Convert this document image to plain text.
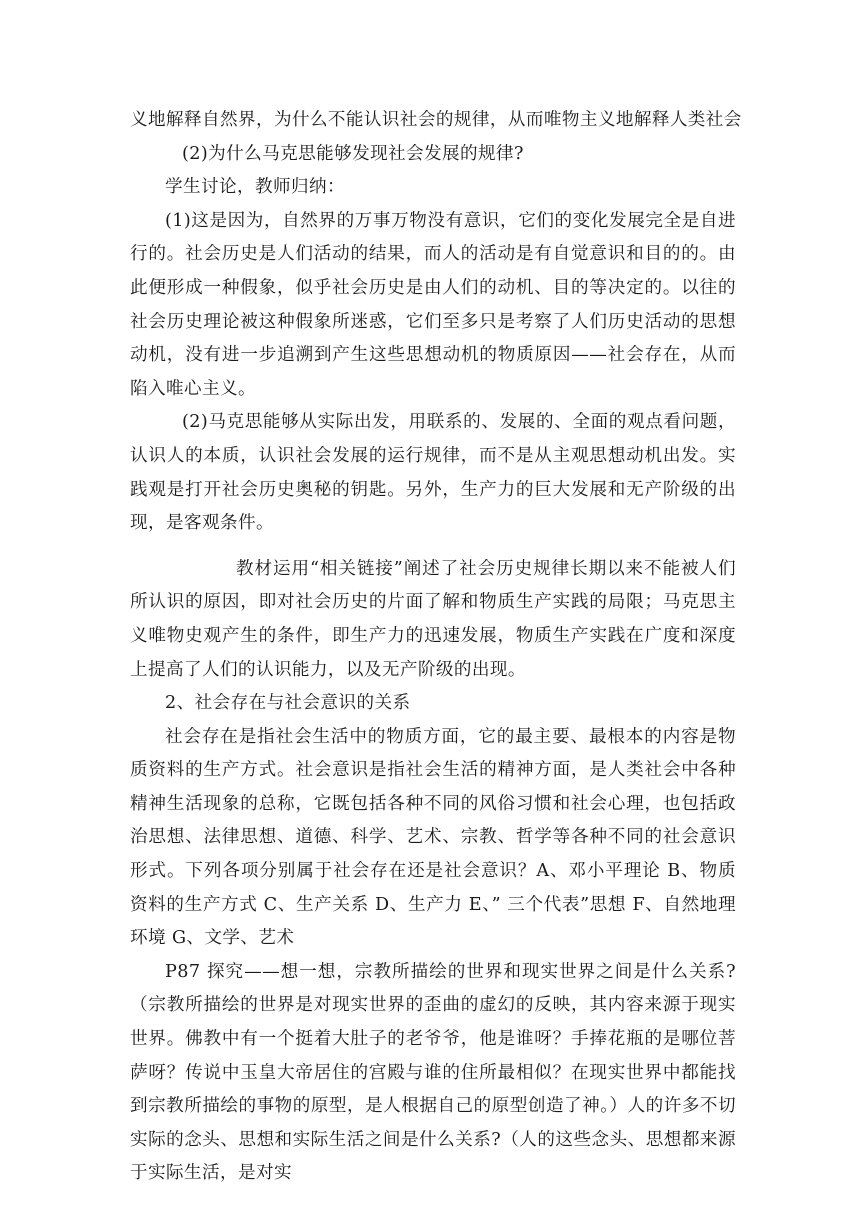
义地解释自然界，为什么不能认识社会的规律，从而唯物主义地解释人类社会

(2)为什么马克思能够发现社会发展的规律?

学生讨论，教师归纳：

(1)这是因为，自然界的万事万物没有意识，它们的变化发展完全是自进行的。社会历史是人们活动的结果，而人的活动是有自觉意识和目的的。由此便形成一种假象，似乎社会历史是由人们的动机、目的等决定的。以往的社会历史理论被这种假象所迷惑，它们至多只是考察了人们历史活动的思想动机，没有进一步追溯到产生这些思想动机的物质原因——社会存在，从而陷入唯心主义。

(2)马克思能够从实际出发，用联系的、发展的、全面的观点看问题，认识人的本质，认识社会发展的运行规律，而不是从主观思想动机出发。实践观是打开社会历史奥秘的钥匙。另外，生产力的巨大发展和无产阶级的出现，是客观条件。

教材运用“相关链接”阐述了社会历史规律长期以来不能被人们所认识的原因，即对社会历史的片面了解和物质生产实践的局限；马克思主义唯物史观产生的条件，即生产力的迅速发展，物质生产实践在广度和深度上提高了人们的认识能力，以及无产阶级的出现。

2、社会存在与社会意识的关系

社会存在是指社会生活中的物质方面，它的最主要、最根本的内容是物质资料的生产方式。社会意识是指社会生活的精神方面，是人类社会中各种精神生活现象的总称，它既包括各种不同的风俗习惯和社会心理，也包括政治思想、法律思想、道德、科学、艺术、宗教、哲学等各种不同的社会意识形式。下列各项分别属于社会存在还是社会意识？A、邓小平理论 B、物质资料的生产方式 C、生产关系 D、生产力 E、” 三个代表”思想 F、自然地理环境 G、文学、艺术

P87 探究——想一想，宗教所描绘的世界和现实世界之间是什么关系?（宗教所描绘的世界是对现实世界的歪曲的虚幻的反映，其内容来源于现实世界。佛教中有一个挺着大肚子的老爷爷，他是谁呀？手捧花瓶的是哪位菩萨呀？传说中玉皇大帝居住的宫殿与谁的住所最相似？在现实世界中都能找到宗教所描绘的事物的原型，是人根据自己的原型创造了神。）人的许多不切实际的念头、思想和实际生活之间是什么关系?（人的这些念头、思想都来源于实际生活，是对实
